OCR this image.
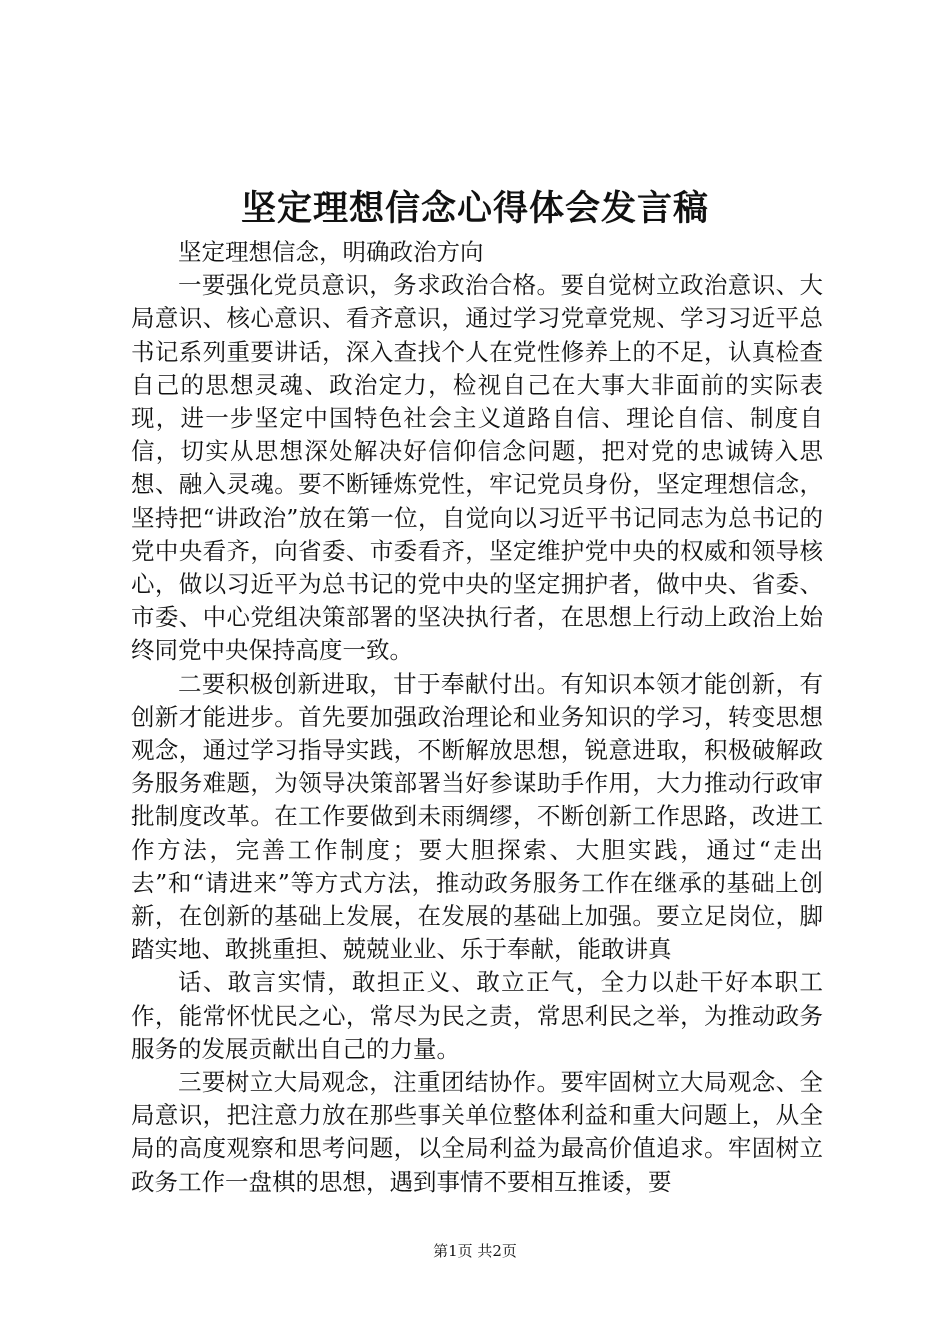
坚定理想信念心得体会发言稿

坚定理想信念，明确政治方向

一要强化党员意识，务求政治合格。要自觉树立政治意识、大局意识、核心意识、看齐意识，通过学习党章党规、学习习近平总书记系列重要讲话，深入查找个人在党性修养上的不足，认真检查自己的思想灵魂、政治定力，检视自己在大事大非面前的实际表现，进一步坚定中国特色社会主义道路自信、理论自信、制度自信，切实从思想深处解决好信仰信念问题，把对党的忠诚铸入思想、融入灵魂。要不断锤炼党性，牢记党员身份，坚定理想信念，坚持把“讲政治”放在第一位，自觉向以习近平书记同志为总书记的党中央看齐，向省委、市委看齐，坚定维护党中央的权威和领导核心，做以习近平为总书记的党中央的坚定拥护者，做中央、省委、市委、中心党组决策部署的坚决执行者，在思想上行动上政治上始终同党中央保持高度一致。

二要积极创新进取，甘于奉献付出。有知识本领才能创新，有创新才能进步。首先要加强政治理论和业务知识的学习，转变思想观念，通过学习指导实践，不断解放思想，锐意进取，积极破解政务服务难题，为领导决策部署当好参谋助手作用，大力推动行政审批制度改革。在工作要做到未雨绸缪，不断创新工作思路，改进工作方法，完善工作制度；要大胆探索、大胆实践，通过“走出去”和“请进来”等方式方法，推动政务服务工作在继承的基础上创新，在创新的基础上发展，在发展的基础上加强。要立足岗位，脚踏实地、敢挑重担、兢兢业业、乐于奉献，能敢讲真

话、敢言实情，敢担正义、敢立正气，全力以赴干好本职工作，能常怀忧民之心，常尽为民之责，常思利民之举，为推动政务服务的发展贡献出自己的力量。

三要树立大局观念，注重团结协作。要牢固树立大局观念、全局意识，把注意力放在那些事关单位整体利益和重大问题上，从全局的高度观察和思考问题，以全局利益为最高价值追求。牢固树立政务工作一盘棋的思想，遇到事情不要相互推诿，要

第1页 共2页
